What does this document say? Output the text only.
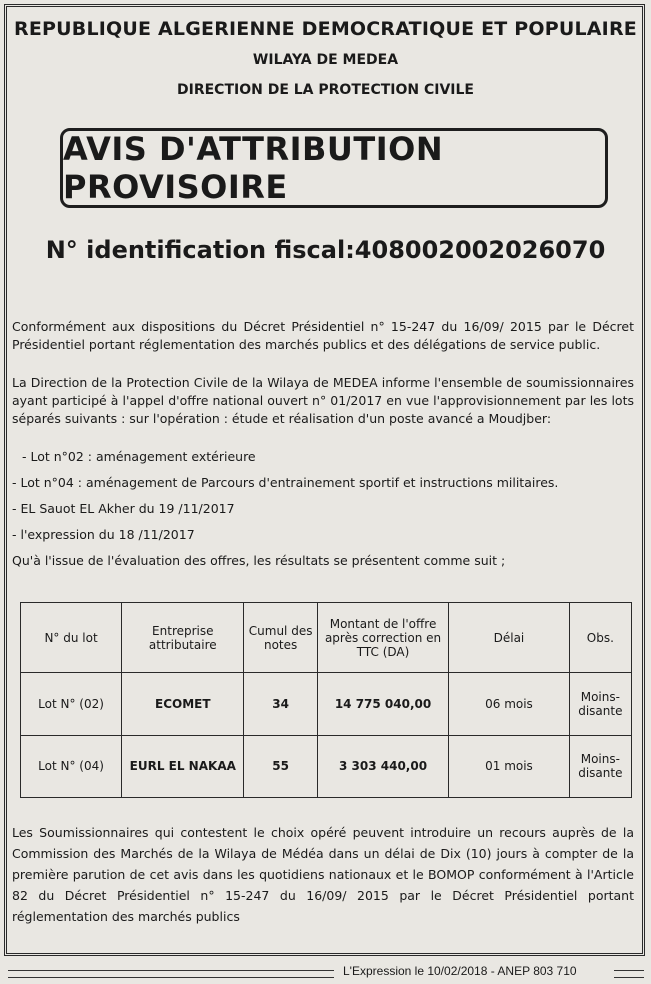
REPUBLIQUE ALGERIENNE DEMOCRATIQUE ET POPULAIRE
WILAYA DE MEDEA
DIRECTION DE LA PROTECTION CIVILE
AVIS D'ATTRIBUTION PROVISOIRE
N° identification fiscal:408002002026070
Conformément aux dispositions du Décret Présidentiel n° 15-247 du 16/09/ 2015 par le Décret Présidentiel portant réglementation des marchés publics et des délégations de service public.
La Direction de la Protection Civile de la Wilaya de MEDEA informe l'ensemble de soumissionnaires ayant participé à l'appel d'offre national ouvert n° 01/2017 en vue l'approvisionnement par les lots séparés suivants : sur l'opération : étude et réalisation d'un poste avancé a Moudjber:
- Lot n°02 : aménagement extérieure
- Lot n°04 : aménagement de Parcours d'entrainement sportif et instructions militaires.
- EL Sauot EL Akher du 19 /11/2017
- l'expression du 18 /11/2017
Qu'à l'issue de l'évaluation des offres, les résultats se présentent comme suit ;
N° du lot	Entreprise attributaire	Cumul des notes	Montant de l'offre après correction en TTC (DA)	Délai	Obs.
Lot N° (02)	ECOMET	34	14 775 040,00	06 mois	Moins-disante
Lot N° (04)	EURL EL NAKAA	55	3 303 440,00	01 mois	Moins-disante
Les Soumissionnaires qui contestent le choix opéré peuvent introduire un recours auprès de la Commission des Marchés de la Wilaya de Médéa dans un délai de Dix (10) jours à compter de la première parution de cet avis dans les quotidiens nationaux et le BOMOP conformément à l'Article 82 du Décret Présidentiel n° 15-247 du 16/09/ 2015 par le Décret Présidentiel portant réglementation des marchés publics
L'Expression le 10/02/2018 - ANEP 803 710
